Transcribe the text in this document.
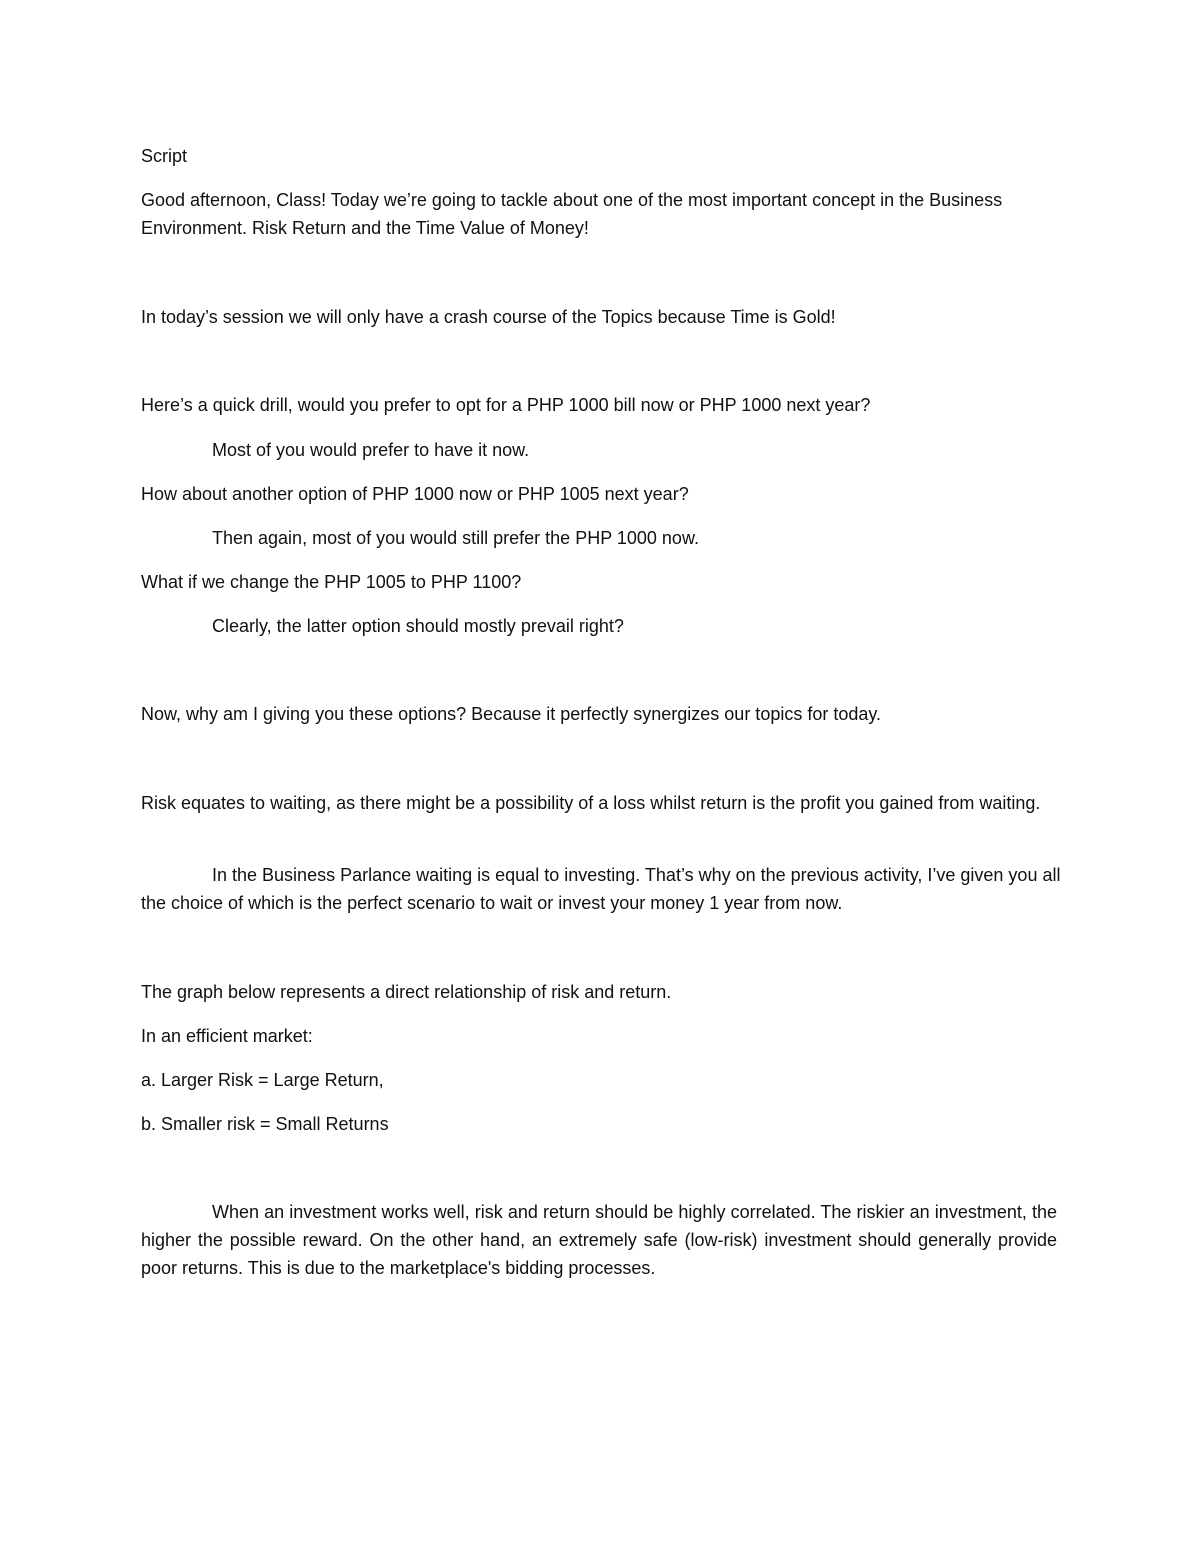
Script

Good afternoon, Class! Today we’re going to tackle about one of the most important concept in the Business Environment. Risk Return and the Time Value of Money!

In today’s session we will only have a crash course of the Topics because Time is Gold!

Here’s a quick drill, would you prefer to opt for a PHP 1000 bill now or PHP 1000 next year?

Most of you would prefer to have it now.

How about another option of PHP 1000 now or PHP 1005 next year?

Then again, most of you would still prefer the PHP 1000 now.

What if we change the PHP 1005 to PHP 1100?

Clearly, the latter option should mostly prevail right?

Now, why am I giving you these options? Because it perfectly synergizes our topics for today.

Risk equates to waiting, as there might be a possibility of a loss whilst return is the profit you gained from waiting.

In the Business Parlance waiting is equal to investing. That’s why on the previous activity, I’ve given you all the choice of which is the perfect scenario to wait or invest your money 1 year from now.

The graph below represents a direct relationship of risk and return.

In an efficient market:

a. Larger Risk = Large Return,

b. Smaller risk = Small Returns

When an investment works well, risk and return should be highly correlated. The riskier an investment, the higher the possible reward. On the other hand, an extremely safe (low-risk) investment should generally provide poor returns. This is due to the marketplace's bidding processes.
